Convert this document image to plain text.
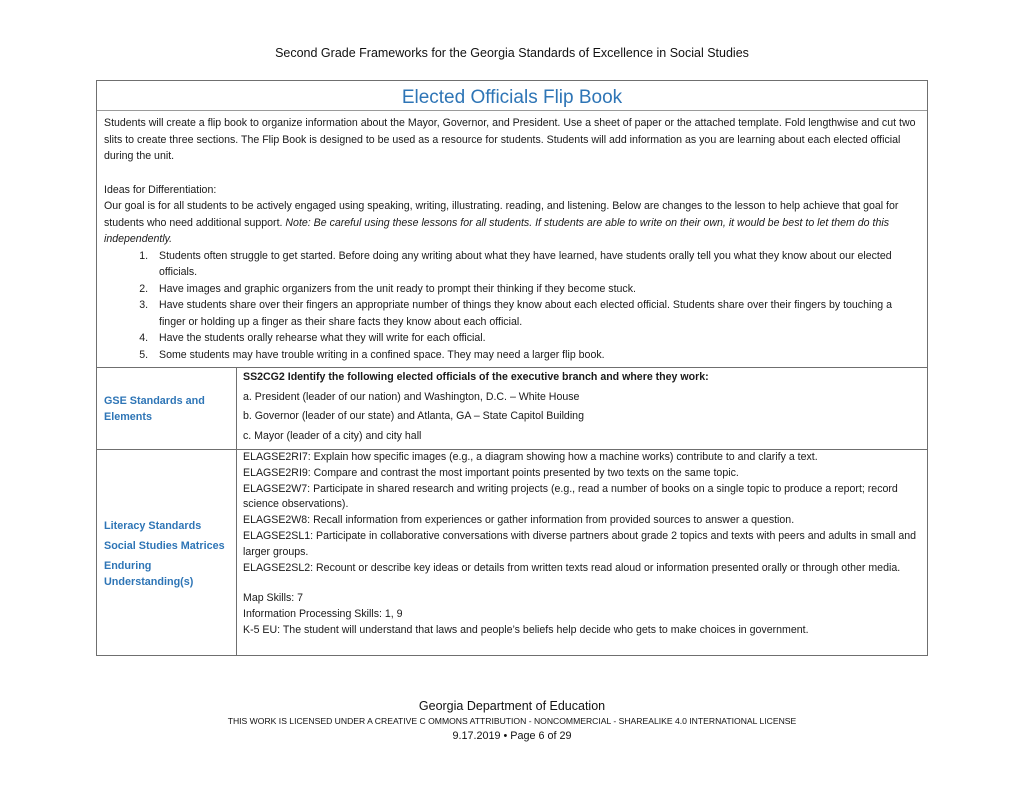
Second Grade Frameworks for the Georgia Standards of Excellence in Social Studies
Elected Officials Flip Book

Students will create a flip book to organize information about the Mayor, Governor, and President. Use a sheet of paper or the attached template. Fold lengthwise and cut two slits to create three sections. The Flip Book is designed to be used as a resource for students. Students will add information as you are learning about each elected official during the unit.

Ideas for Differentiation:

Our goal is for all students to be actively engaged using speaking, writing, illustrating. reading, and listening. Below are changes to the lesson to help achieve that goal for students who need additional support. Note: Be careful using these lessons for all students. If students are able to write on their own, it would be best to let them do this independently.

1. Students often struggle to get started. Before doing any writing about what they have learned, have students orally tell you what they know about our elected officials.
2. Have images and graphic organizers from the unit ready to prompt their thinking if they become stuck.
3. Have students share over their fingers an appropriate number of things they know about each elected official. Students share over their fingers by touching a finger or holding up a finger as their share facts they know about each official.
4. Have the students orally rehearse what they will write for each official.
5. Some students may have trouble writing in a confined space. They may need a larger flip book.
GSE Standards and Elements
SS2CG2 Identify the following elected officials of the executive branch and where they work:
a. President (leader of our nation) and Washington, D.C. – White House
b. Governor (leader of our state) and Atlanta, GA – State Capitol Building
c. Mayor (leader of a city) and city hall
Literacy Standards
Social Studies Matrices
Enduring Understanding(s)
ELAGSE2RI7: Explain how specific images (e.g., a diagram showing how a machine works) contribute to and clarify a text.
ELAGSE2RI9: Compare and contrast the most important points presented by two texts on the same topic.
ELAGSE2W7: Participate in shared research and writing projects (e.g., read a number of books on a single topic to produce a report; record science observations).
ELAGSE2W8: Recall information from experiences or gather information from provided sources to answer a question.
ELAGSE2SL1: Participate in collaborative conversations with diverse partners about grade 2 topics and texts with peers and adults in small and larger groups.
ELAGSE2SL2: Recount or describe key ideas or details from written texts read aloud or information presented orally or through other media.
Map Skills: 7
Information Processing Skills: 1, 9
K-5 EU: The student will understand that laws and people’s beliefs help decide who gets to make choices in government.
Georgia Department of Education
THIS WORK IS LICENSED UNDER A CREATIVE C OMMONS ATTRIBUTION - NONCOMMERCIAL - SHAREALIKE 4.0 INTERNATIONAL LICENSE
9.17.2019 • Page 6 of 29
